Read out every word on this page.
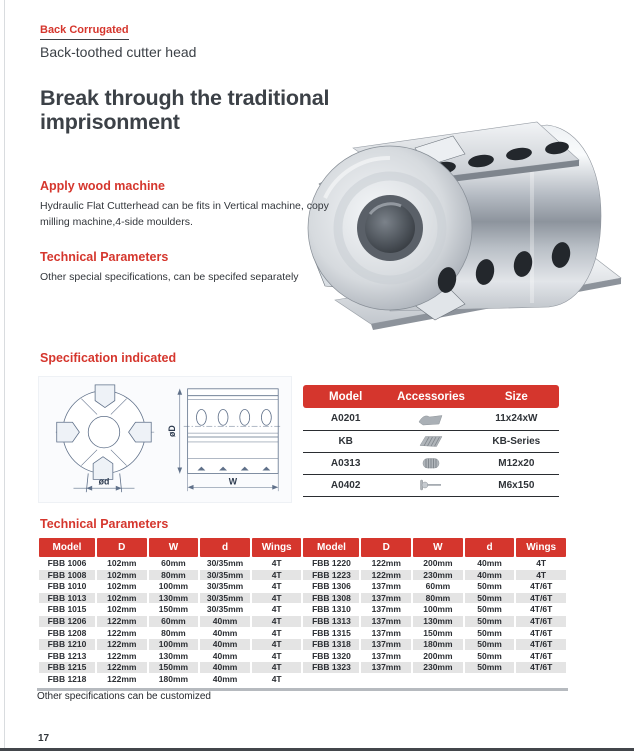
Back Corrugated
Back-toothed cutter head
Break through the traditional
imprisonment
Apply wood machine
Hydraulic Flat Cutterhead can be fits in Vertical machine, copy
milling machine,4-side moulders.
Technical Parameters
Other special specifications, can be specifed separately
Specification indicated
ød
øD
W
Model	Accessories	Size
A0201		11x24xW
KB		KB-Series
A0313		M12x20
A0402		M6x150
Technical Parameters
Model	D	W	d	Wings	Model	D	W	d	Wings
FBB 1006	102mm	60mm	30/35mm	4T	FBB 1220	122mm	200mm	40mm	4T
FBB 1008	102mm	80mm	30/35mm	4T	FBB 1223	122mm	230mm	40mm	4T
FBB 1010	102mm	100mm	30/35mm	4T	FBB 1306	137mm	60mm	50mm	4T/6T
FBB 1013	102mm	130mm	30/35mm	4T	FBB 1308	137mm	80mm	50mm	4T/6T
FBB 1015	102mm	150mm	30/35mm	4T	FBB 1310	137mm	100mm	50mm	4T/6T
FBB 1206	122mm	60mm	40mm	4T	FBB 1313	137mm	130mm	50mm	4T/6T
FBB 1208	122mm	80mm	40mm	4T	FBB 1315	137mm	150mm	50mm	4T/6T
FBB 1210	122mm	100mm	40mm	4T	FBB 1318	137mm	180mm	50mm	4T/6T
FBB 1213	122mm	130mm	40mm	4T	FBB 1320	137mm	200mm	50mm	4T/6T
FBB 1215	122mm	150mm	40mm	4T	FBB 1323	137mm	230mm	50mm	4T/6T
FBB 1218	122mm	180mm	40mm	4T					
Other specifications can be customized
17
